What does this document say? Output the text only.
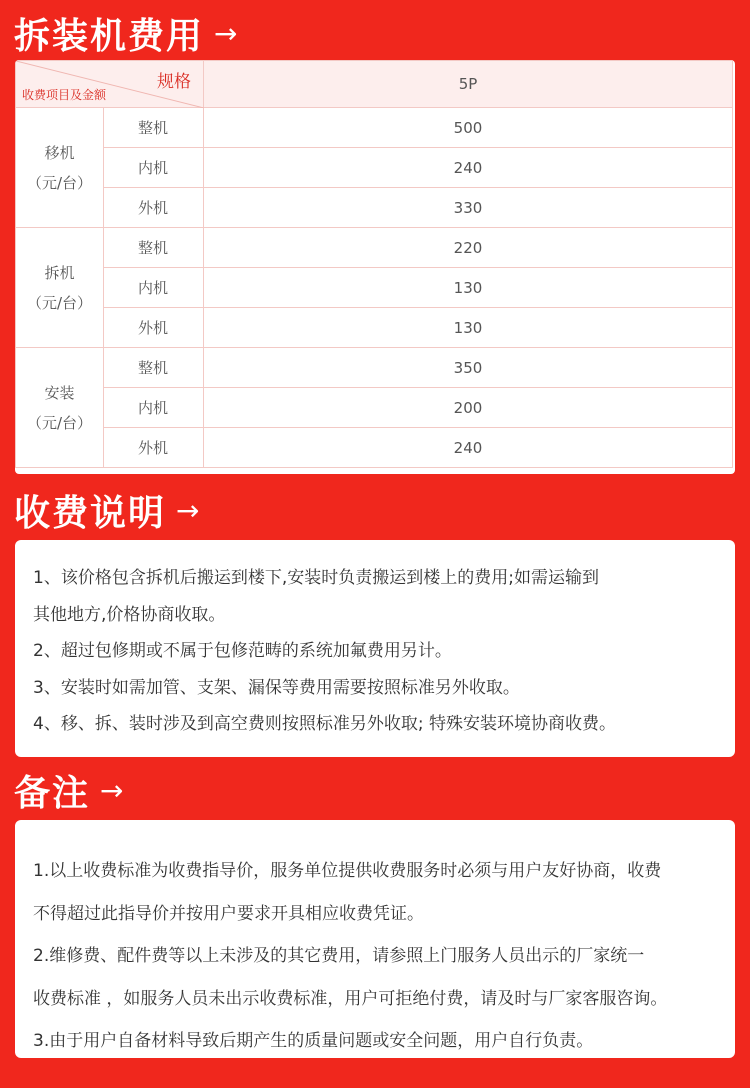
拆装机费用 →
规格
收费项目及金额		5P

移机
（元/台）	整机	500
	内机	240
	外机	330

拆机
（元/台）	整机	220
	内机	130
	外机	130

安装
（元/台）	整机	350
	内机	200
	外机	240
收费说明 →

1、该价格包含拆机后搬运到楼下,安装时负责搬运到楼上的费用;如需运输到

其他地方,价格协商收取。

2、超过包修期或不属于包修范畴的系统加氟费用另计。

3、安装时如需加管、支架、漏保等费用需要按照标准另外收取。

4、移、拆、装时涉及到高空费则按照标准另外收取; 特殊安装环境协商收费。

备注 →

1.以上收费标准为收费指导价，服务单位提供收费服务时必须与用户友好协商，收费

不得超过此指导价并按用户要求开具相应收费凭证。

2.维修费、配件费等以上未涉及的其它费用，请参照上门服务人员出示的厂家统一

收费标准 ，如服务人员未出示收费标准，用户可拒绝付费，请及时与厂家客服咨询。

3.由于用户自备材料导致后期产生的质量问题或安全问题，用户自行负责。
